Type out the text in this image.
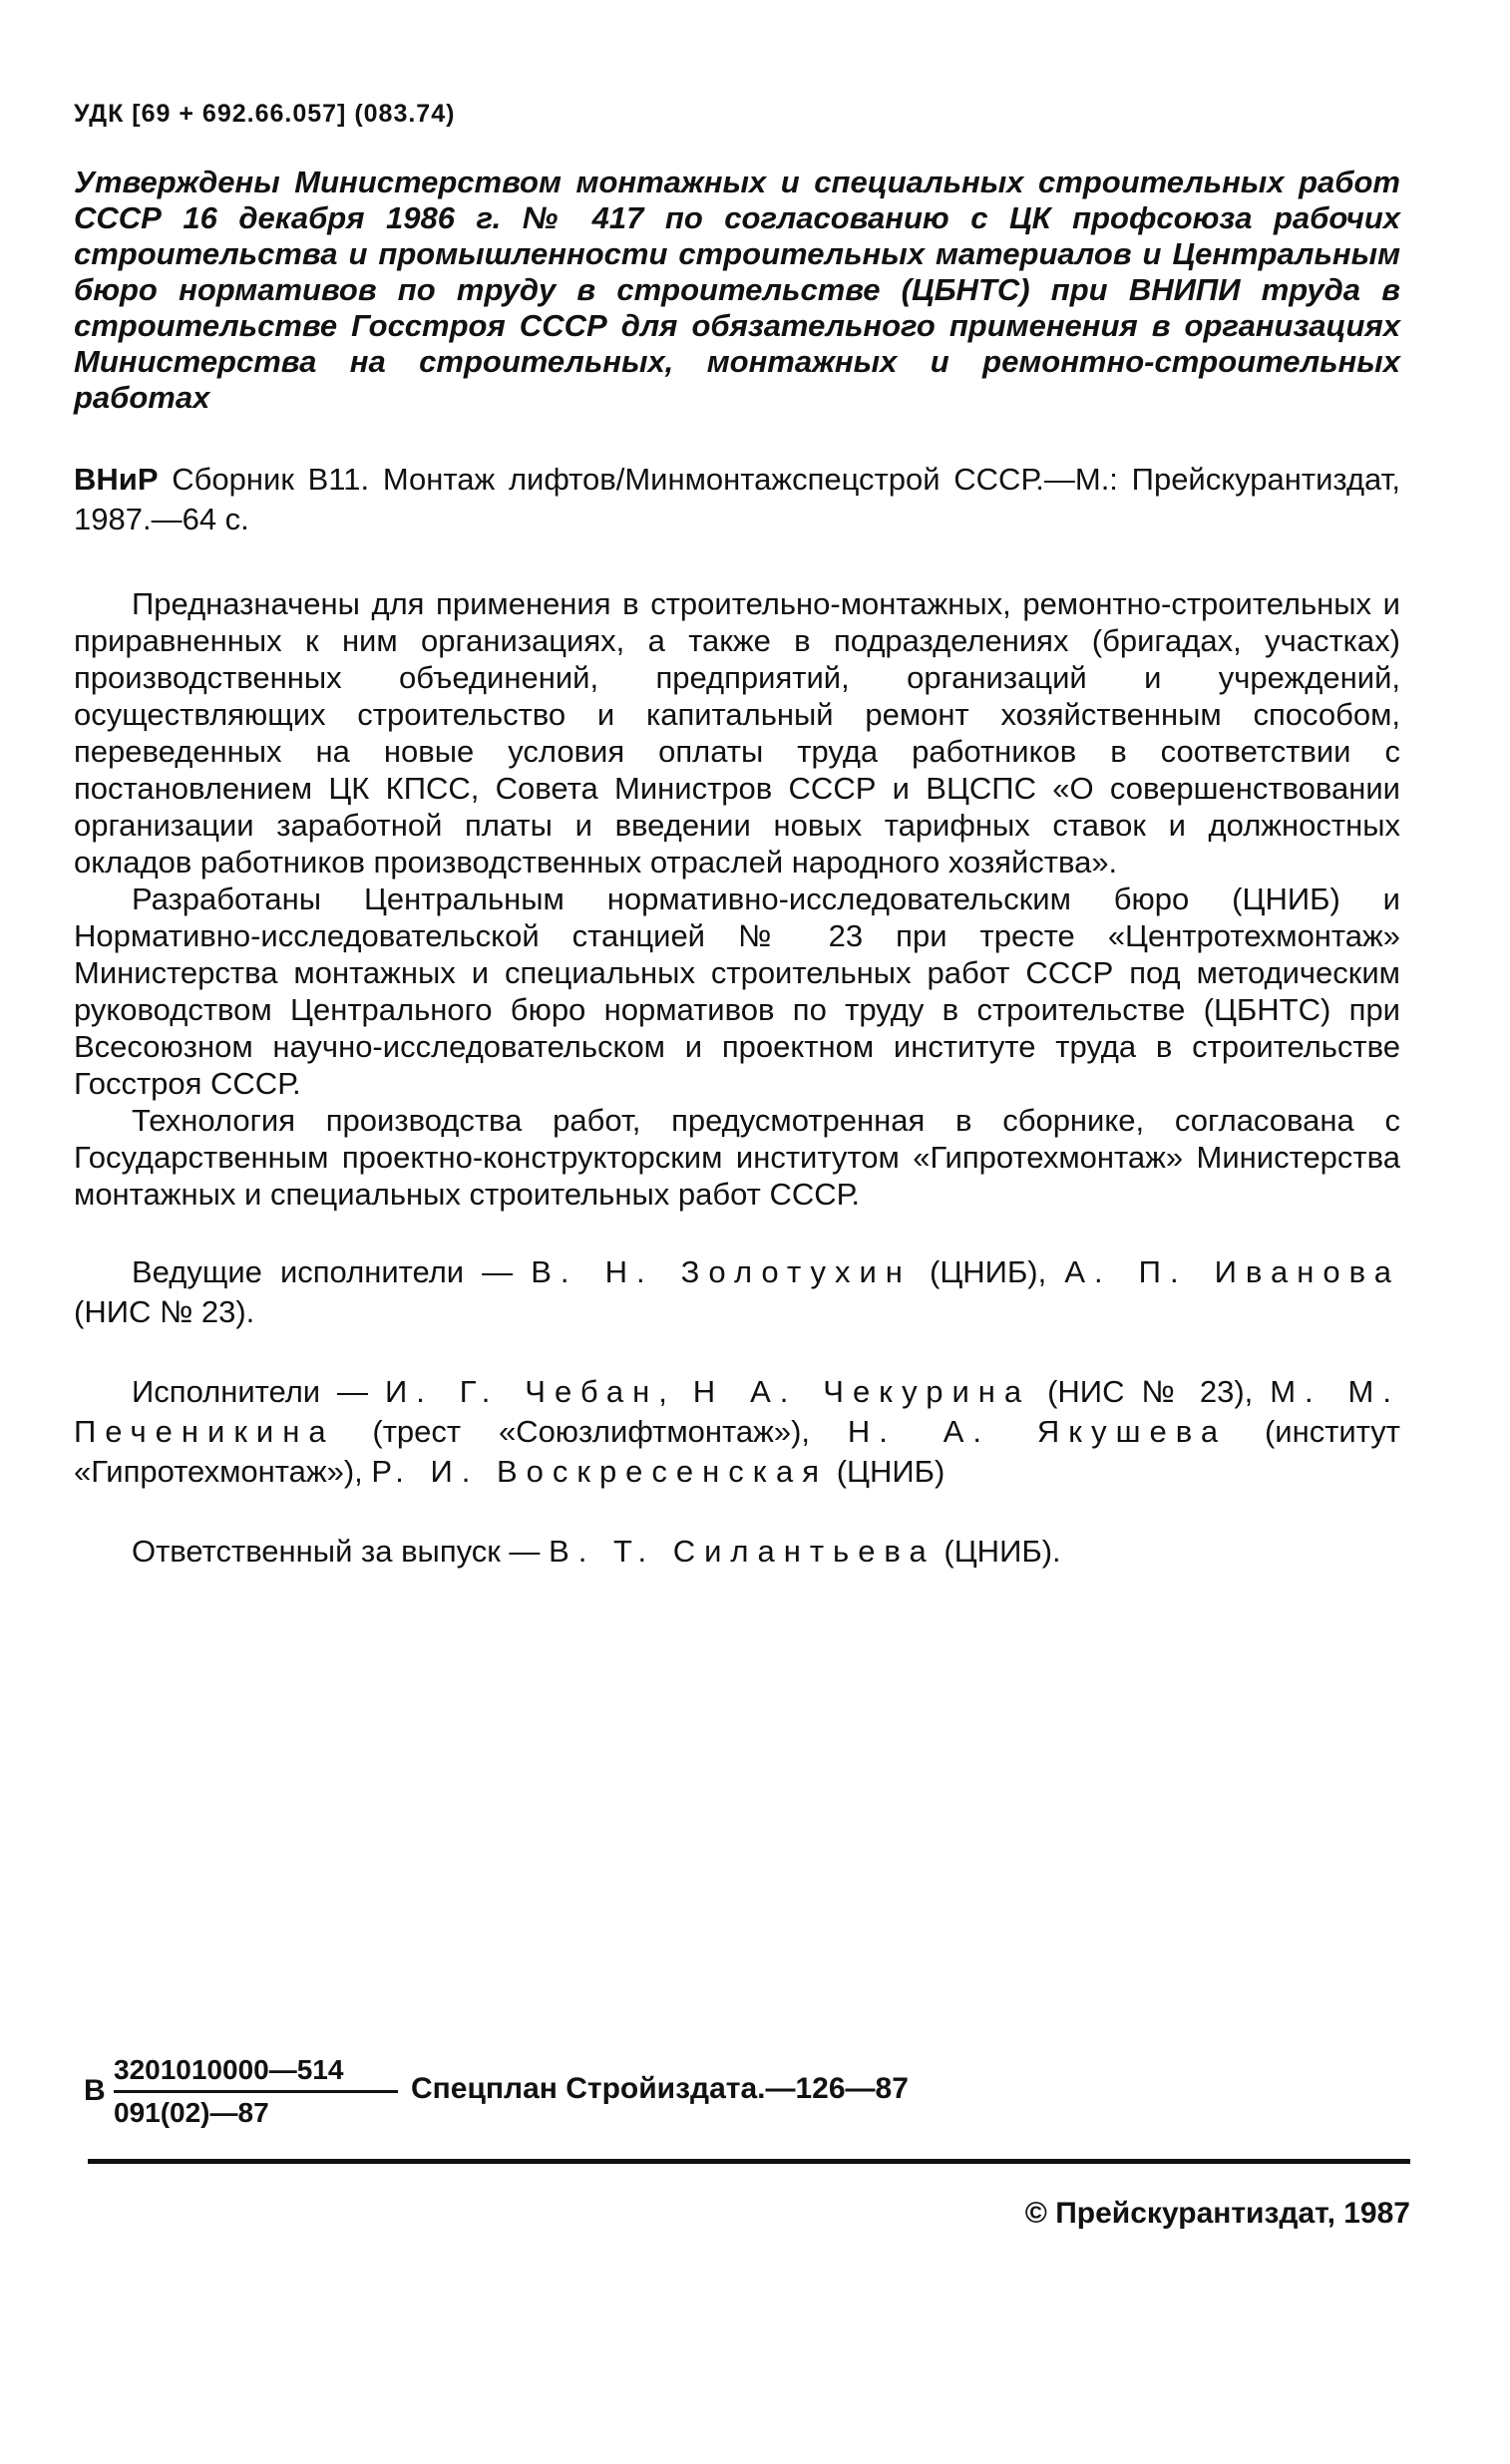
УДК [69 + 692.66.057] (083.74)
Утверждены Министерством монтажных и специальных строительных работ
СССР 16 декабря 1986 г. № 417 по согласованию с ЦК профсоюза рабочих
строительства и промышленности строительных материалов и Центральным
бюро нормативов по труду в строительстве (ЦБНТС) при ВНИПИ труда в
строительстве Госстроя СССР для обязательного применения в организациях
Министерства на строительных, монтажных и ремонтно-строительных работах
ВНиР Сборник В11. Монтаж лифтов/Минмонтажспецстрой СССР.—М.: Прейскурантиздат, 1987.—64 с.

Предназначены для применения в строительно-монтажных, ремонтно-строительных и приравненных к ним организациях, а также в подразделениях (бригадах, участках) производственных объединений, предприятий, организаций и учреждений, осуществляющих строительство и капитальный ремонт хозяйственным способом, переведенных на новые условия оплаты труда работников в соответствии с постановлением ЦК КПСС, Совета Министров СССР и ВЦСПС «О совершенствовании организации заработной платы и введении новых тарифных ставок и должностных окладов работников производственных отраслей народного хозяйства».

Разработаны Центральным нормативно-исследовательским бюро (ЦНИБ) и Нормативно-исследовательской станцией № 23 при тресте «Центротехмонтаж» Министерства монтажных и специальных строительных работ СССР под методическим руководством Центрального бюро нормативов по труду в строительстве (ЦБНТС) при Всесоюзном научно-исследовательском и проектном институте труда в строительстве Госстроя СССР.

Технология производства работ, предусмотренная в сборнике, согласована с Государственным проектно-конструкторским институтом «Гипротехмонтаж» Министерства монтажных и специальных строительных работ СССР.

Ведущие исполнители — В. Н. Золотухин (ЦНИБ), А. П. Иванова (НИС № 23).
Исполнители — И. Г. Чебан, Н А. Чекурина (НИС № 23), М. М. Печеникина (трест «Союзлифтмонтаж»), Н. А. Якушева (институт «Гипротехмонтаж»), Р. И. Воскресенская (ЦНИБ)
Ответственный за выпуск — В. Т. Силантьева (ЦНИБ).
В $\frac{3201010000—514}{091(02)—87}$
Спецплан Стройиздата.—126—87
© Прейскурантиздат, 1987
